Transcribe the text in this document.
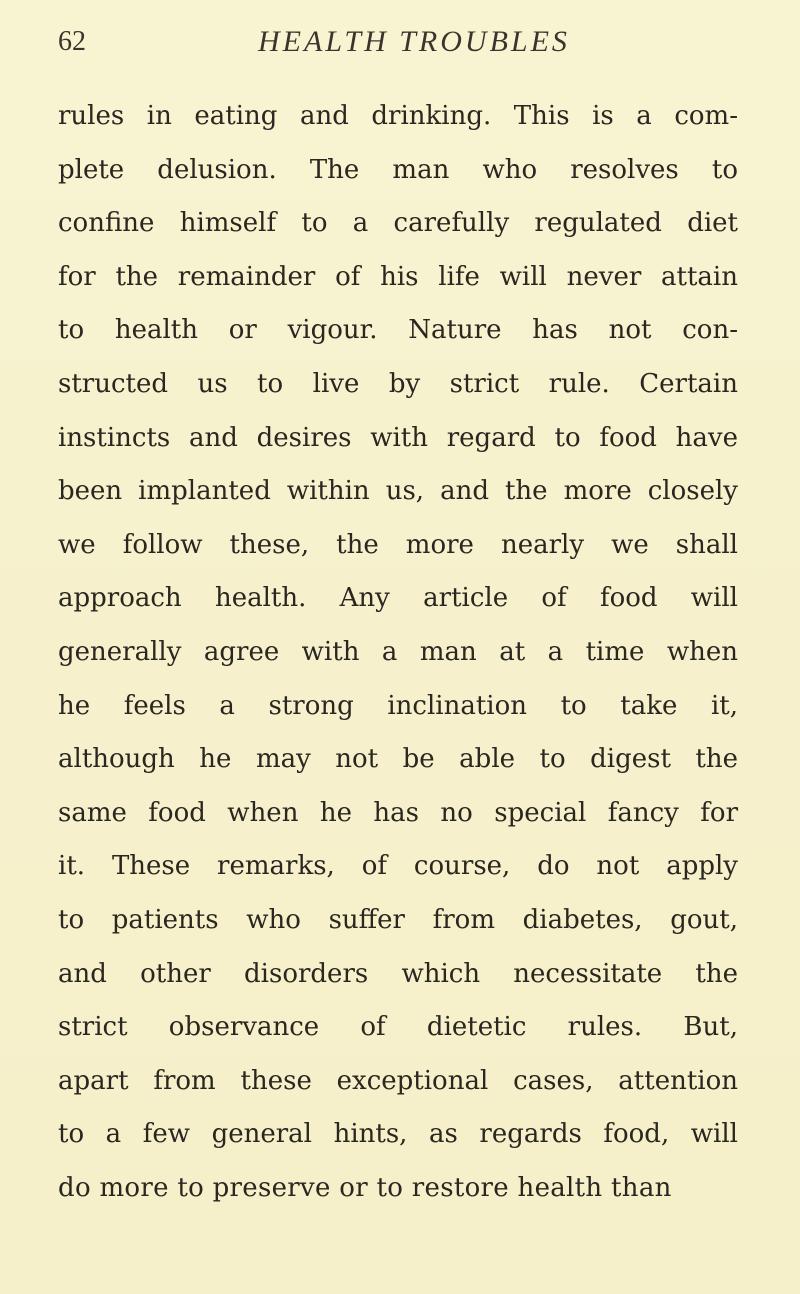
62	HEALTH TROUBLES
rules in eating and drinking. This is a com-
plete delusion. The man who resolves to
confine himself to a carefully regulated diet
for the remainder of his life will never attain
to health or vigour. Nature has not con-
structed us to live by strict rule. Certain
instincts and desires with regard to food have
been implanted within us, and the more closely
we follow these, the more nearly we shall
approach health. Any article of food will
generally agree with a man at a time when
he feels a strong inclination to take it,
although he may not be able to digest the
same food when he has no special fancy for
it. These remarks, of course, do not apply
to patients who suffer from diabetes, gout,
and other disorders which necessitate the
strict observance of dietetic rules. But,
apart from these exceptional cases, attention
to a few general hints, as regards food, will
do more to preserve or to restore health than
